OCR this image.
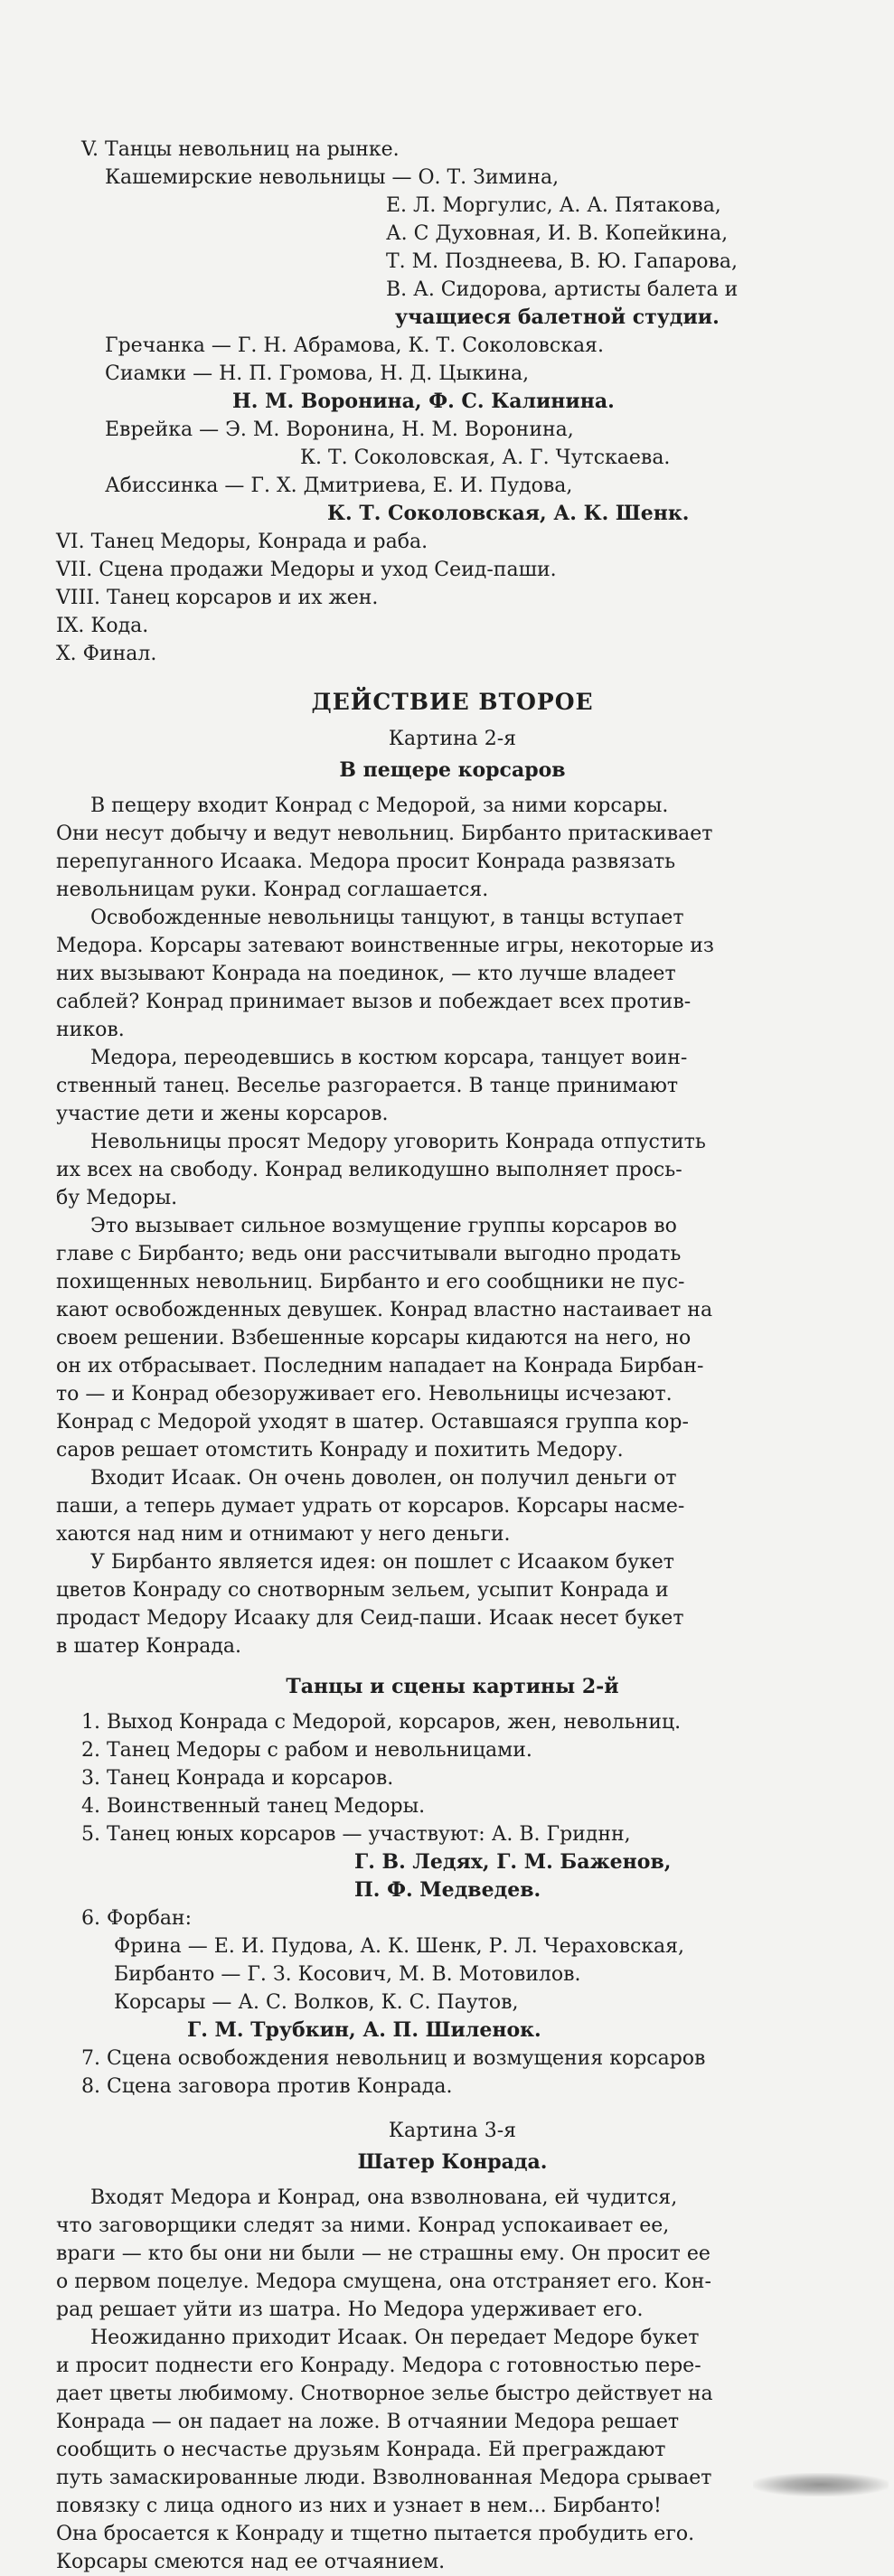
V. Танцы невольниц на рынке.
Кашемирские невольницы — О. Т. Зимина,
Е. Л. Моргулис, А. А. Пятакова,
А. С Духовная, И. В. Копейкина,
Т. М. Позднеева, В. Ю. Гапарова,
В. А. Сидорова, артисты балета и
учащиеся балетной студии.
Гречанка — Г. Н. Абрамова, К. Т. Соколовская.
Сиамки — Н. П. Громова, Н. Д. Цыкина,
Н. М. Воронина, Ф. С. Калинина.
Еврейка — Э. М. Воронина, Н. М. Воронина,
К. Т. Соколовская, А. Г. Чутскаева.
Абиссинка — Г. Х. Дмитриева, Е. И. Пудова,
К. Т. Соколовская, А. К. Шенк.
VI. Танец Медоры, Конрада и раба.
VII. Сцена продажи Медоры и уход Сеид-паши.
VIII. Танец корсаров и их жен.
IX. Кода.
X. Финал.
ДЕЙСТВИЕ ВТОРОЕ
Картина 2-я
В пещере корсаров
В пещеру входит Конрад с Медорой, за ними корсары.
Они несут добычу и ведут невольниц. Бирбанто притаскивает
перепуганного Исаака. Медора просит Конрада развязать
невольницам руки. Конрад соглашается.
Освобожденные невольницы танцуют, в танцы вступает
Медора. Корсары затевают воинственные игры, некоторые из
них вызывают Конрада на поединок, — кто лучше владеет
саблей? Конрад принимает вызов и побеждает всех против-
ников.
Медора, переодевшись в костюм корсара, танцует воин-
ственный танец. Веселье разгорается. В танце принимают
участие дети и жены корсаров.
Невольницы просят Медору уговорить Конрада отпустить
их всех на свободу. Конрад великодушно выполняет прось-
бу Медоры.
Это вызывает сильное возмущение группы корсаров во
главе с Бирбанто; ведь они рассчитывали выгодно продать
похищенных невольниц. Бирбанто и его сообщники не пус-
кают освобожденных девушек. Конрад властно настаивает на
своем решении. Взбешенные корсары кидаются на него, но
он их отбрасывает. Последним нападает на Конрада Бирбан-
то — и Конрад обезоруживает его. Невольницы исчезают.
Конрад с Медорой уходят в шатер. Оставшаяся группа кор-
саров решает отомстить Конраду и похитить Медору.
Входит Исаак. Он очень доволен, он получил деньги от
паши, а теперь думает удрать от корсаров. Корсары насме-
хаются над ним и отнимают у него деньги.
У Бирбанто является идея: он пошлет с Исааком букет
цветов Конраду со снотворным зельем, усыпит Конрада и
продаст Медору Исааку для Сеид-паши. Исаак несет букет
в шатер Конрада.
Танцы и сцены картины 2-й
1. Выход Конрада с Медорой, корсаров, жен, невольниц.
2. Танец Медоры с рабом и невольницами.
3. Танец Конрада и корсаров.
4. Воинственный танец Медоры.
5. Танец юных корсаров — участвуют: А. В. Гриднн,
Г. В. Ледях, Г. М. Баженов,
П. Ф. Медведев.
6. Форбан:
Фрина — Е. И. Пудова, А. К. Шенк, Р. Л. Чераховская,
Бирбанто — Г. З. Косович, М. В. Мотовилов.
Корсары — А. С. Волков, К. С. Паутов,
Г. М. Трубкин, А. П. Шиленок.
7. Сцена освобождения невольниц и возмущения корсаров
8. Сцена заговора против Конрада.
Картина 3-я
Шатер Конрада.
Входят Медора и Конрад, она взволнована, ей чудится,
что заговорщики следят за ними. Конрад успокаивает ее,
враги — кто бы они ни были — не страшны ему. Он просит ее
о первом поцелуе. Медора смущена, она отстраняет его. Кон-
рад решает уйти из шатра. Но Медора удерживает его.
Неожиданно приходит Исаак. Он передает Медоре букет
и просит поднести его Конраду. Медора с готовностью пере-
дает цветы любимому. Снотворное зелье быстро действует на
Конрада — он падает на ложе. В отчаянии Медора решает
сообщить о несчастье друзьям Конрада. Ей преграждают
путь замаскированные люди. Взволнованная Медора срывает
повязку с лица одного из них и узнает в нем... Бирбанто!
Она бросается к Конраду и тщетно пытается пробудить его.
Корсары смеются над ее отчаянием.
